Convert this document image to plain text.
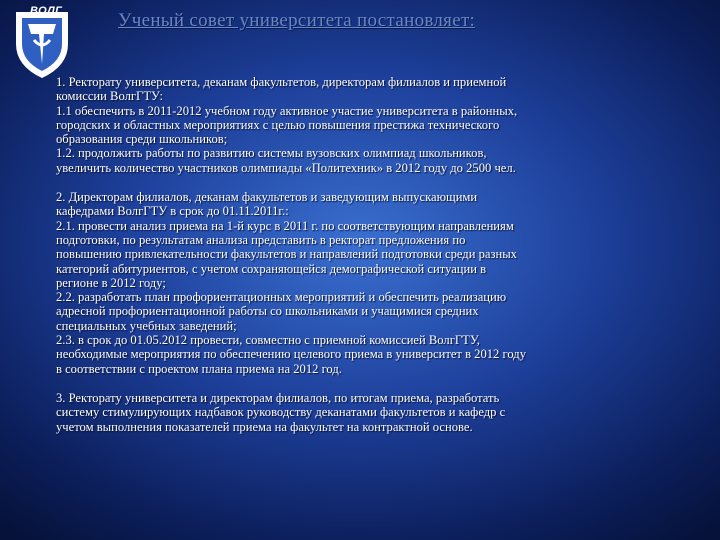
ВОЛГ	Ученый совет университета постановляет:
1. Ректорату университета, деканам факультетов, директорам филиалов и приемной
комиссии ВолгГТУ:
1.1 обеспечить в 2011-2012 учебном году активное участие университета в районных,
городских и областных мероприятиях с целью повышения престижа технического
образования среди школьников;
1.2. продолжить работы по развитию системы вузовских олимпиад школьников,
увеличить количество участников олимпиады «Политехник» в 2012 году до 2500 чел.
2. Директорам филиалов, деканам факультетов и заведующим выпускающими
кафедрами ВолгГТУ в срок до 01.11.2011г.:
2.1. провести анализ приема на 1-й курс в 2011 г. по соответствующим направлениям
подготовки, по результатам анализа представить в ректорат предложения по
повышению привлекательности факультетов и направлений подготовки среди разных
категорий абитуриентов, с учетом сохраняющейся демографической ситуации в
регионе в 2012 году;
2.2. разработать план профориентационных мероприятий и обеспечить реализацию
адресной профориентационной работы со школьниками и учащимися средних
специальных учебных заведений;
2.3. в срок до 01.05.2012 провести, совместно с приемной комиссией ВолгГТУ,
необходимые мероприятия по обеспечению целевого приема в университет в 2012 году
в соответствии с проектом плана приема на 2012 год.
3. Ректорату университета и директорам филиалов, по итогам приема, разработать
систему стимулирующих надбавок руководству деканатами факультетов и кафедр с
учетом выполнения показателей приема на факультет на контрактной основе.
